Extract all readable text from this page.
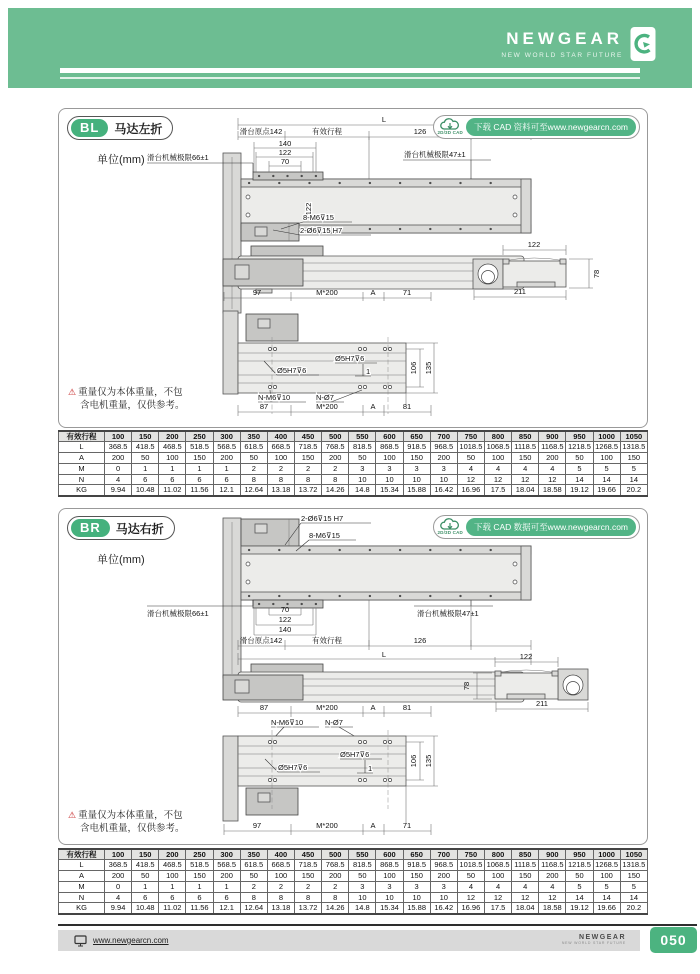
NEWGEAR
NEW WORLD STAR FUTURE
122
L
滑台原点142	有效行程	126
140
122
70
滑台机械极限66±1	滑台机械极限47±1
8-M6⊽15
2-Ø6⊽15 H7
97	M*200	A	71
Ø5H7⊽6
1
Ø5H7⊽6	106 135
N-M6⊽10	N-Ø7
87	M*200	A	81
122
78
211
BL	马达左折
单位(mm)
2D/3D CAD
下载 CAD 资料可至www.newgearcn.com
⚠ 重量仅为本体重量，不包
含电机重量，仅供参考。
有效行程	100	150	200	250	300	350	400	450	500	550	600	650	700	750	800	850	900	950	1000	1050
L	368.5	418.5	468.5	518.5	568.5	618.5	668.5	718.5	768.5	818.5	868.5	918.5	968.5	1018.5	1068.5	1118.5	1168.5	1218.5	1268.5	1318.5
A	200	50	100	150	200	50	100	150	200	50	100	150	200	50	100	150	200	50	100	150
M	0	1	1	1	1	2	2	2	2	3	3	3	3	4	4	4	4	5	5	5
N	4	6	6	6	6	8	8	8	8	10	10	10	10	12	12	12	12	14	14	14
KG	9.94	10.48	11.02	11.56	12.1	12.64	13.18	13.72	14.26	14.8	15.34	15.88	16.42	16.96	17.5	18.04	18.58	19.12	19.66	20.2
2-Ø6⊽15 H7
8-M6⊽15
滑台机械极限66±1	滑台机械极限47±1
70
122
140
滑台原点142	有效行程	126
L
87	M*200	A	81
N-M6⊽10	N-Ø7
Ø5H7⊽6
1
Ø5H7⊽6
106 135
97	M*200	A	71
122
78
211
BR	马达右折
单位(mm)
2D/3D CAD
下载 CAD 数据可至www.newgearcn.com
⚠ 重量仅为本体重量，不包
含电机重量，仅供参考。
有效行程	100	150	200	250	300	350	400	450	500	550	600	650	700	750	800	850	900	950	1000	1050
L	368.5	418.5	468.5	518.5	568.5	618.5	668.5	718.5	768.5	818.5	868.5	918.5	968.5	1018.5	1068.5	1118.5	1168.5	1218.5	1268.5	1318.5
A	200	50	100	150	200	50	100	150	200	50	100	150	200	50	100	150	200	50	100	150
M	0	1	1	1	1	2	2	2	2	3	3	3	3	4	4	4	4	5	5	5
N	4	6	6	6	6	8	8	8	8	10	10	10	10	12	12	12	12	14	14	14
KG	9.94	10.48	11.02	11.56	12.1	12.64	13.18	13.72	14.26	14.8	15.34	15.88	16.42	16.96	17.5	18.04	18.58	19.12	19.66	20.2
www.newgearcn.com	NEWGEAR
NEW WORLD STAR FUTURE	050
